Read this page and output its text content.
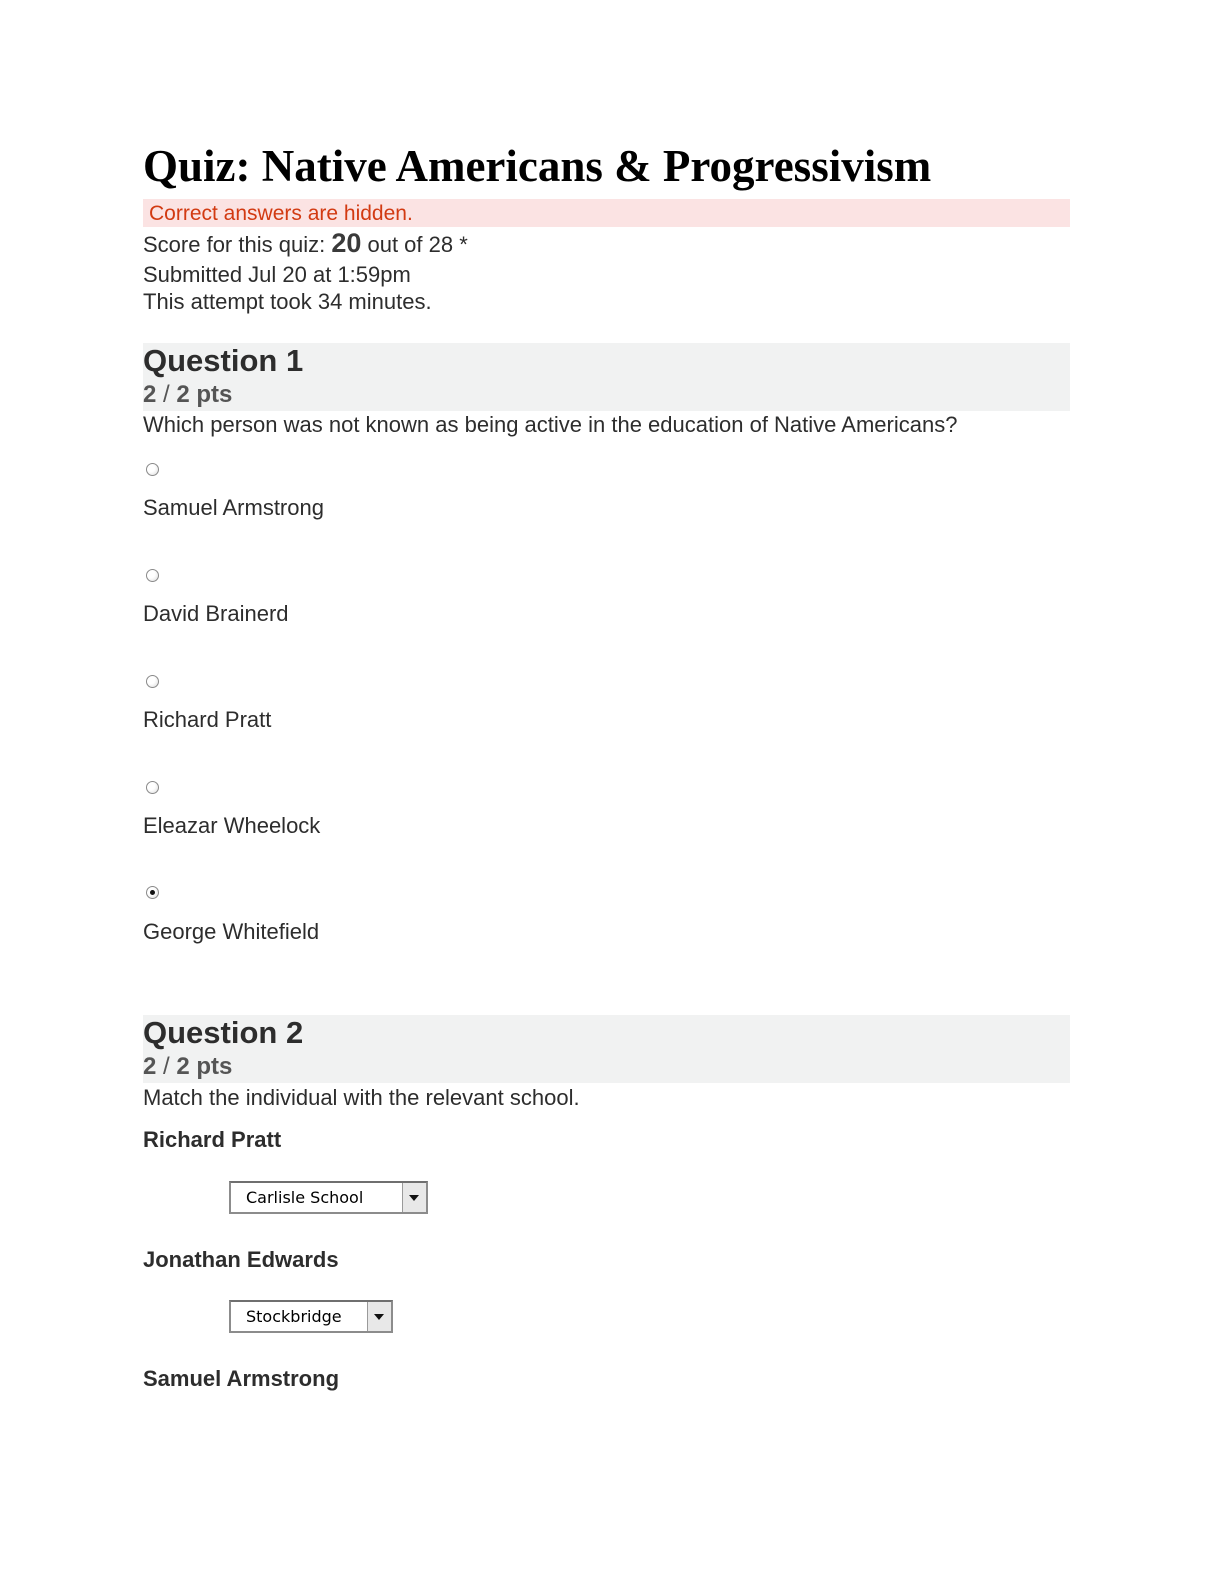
Quiz: Native Americans & Progressivism
Correct answers are hidden.
Score for this quiz: 20 out of 28 *
Submitted Jul 20 at 1:59pm
This attempt took 34 minutes.
Question 1
2 / 2 pts
Which person was not known as being active in the education of Native Americans?
Samuel Armstrong
David Brainerd
Richard Pratt
Eleazar Wheelock
George Whitefield
Question 2
2 / 2 pts
Match the individual with the relevant school.
Richard Pratt
Carlisle School
Jonathan Edwards
Stockbridge
Samuel Armstrong
